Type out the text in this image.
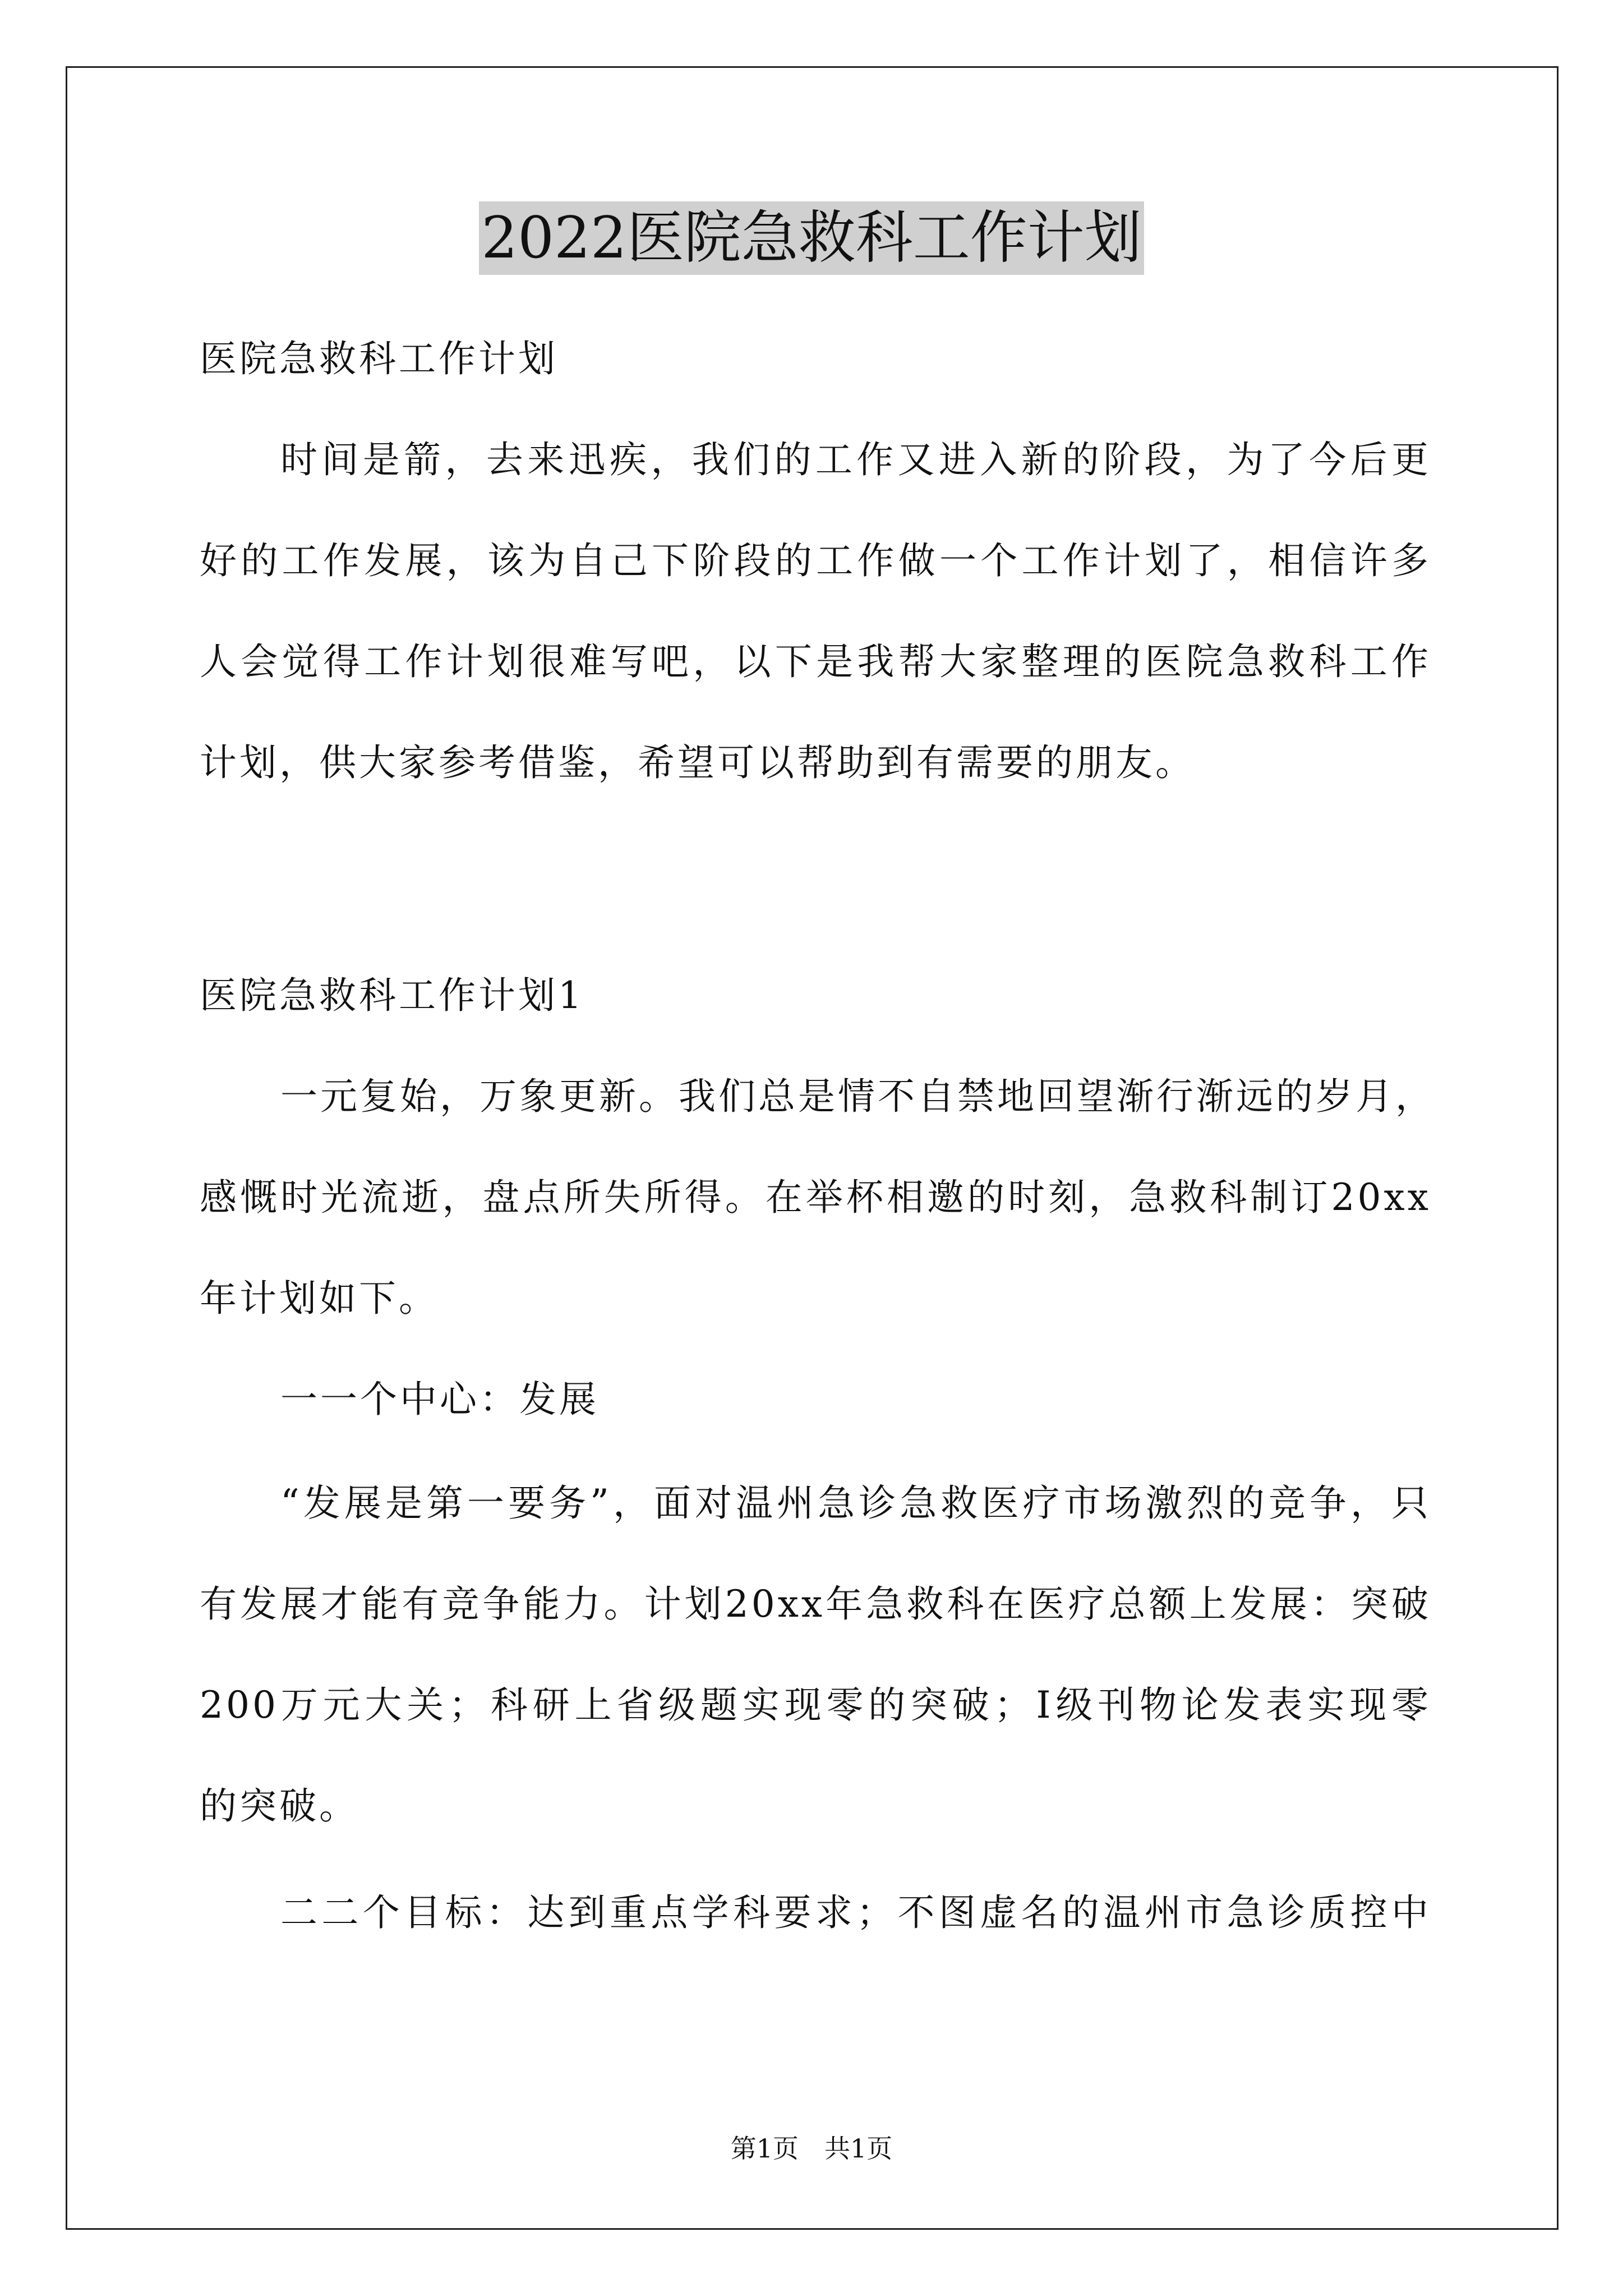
2022医院急救科工作计划
医院急救科工作计划
时间是箭，去来迅疾，我们的工作又进入新的阶段，为了今后更
好的工作发展，该为自己下阶段的工作做一个工作计划了，相信许多
人会觉得工作计划很难写吧，以下是我帮大家整理的医院急救科工作
计划，供大家参考借鉴，希望可以帮助到有需要的朋友。
医院急救科工作计划1
一元复始，万象更新。我们总是情不自禁地回望渐行渐远的岁月，
感慨时光流逝，盘点所失所得。在举杯相邀的时刻，急救科制订20xx
年计划如下。
一一个中心：发展
“发展是第一要务”，面对温州急诊急救医疗市场激烈的竞争，只
有发展才能有竞争能力。计划20xx年急救科在医疗总额上发展：突破
200万元大关；科研上省级题实现零的突破；Ⅰ级刊物论发表实现零
的突破。
二二个目标：达到重点学科要求；不图虚名的温州市急诊质控中
第1页　共1页
